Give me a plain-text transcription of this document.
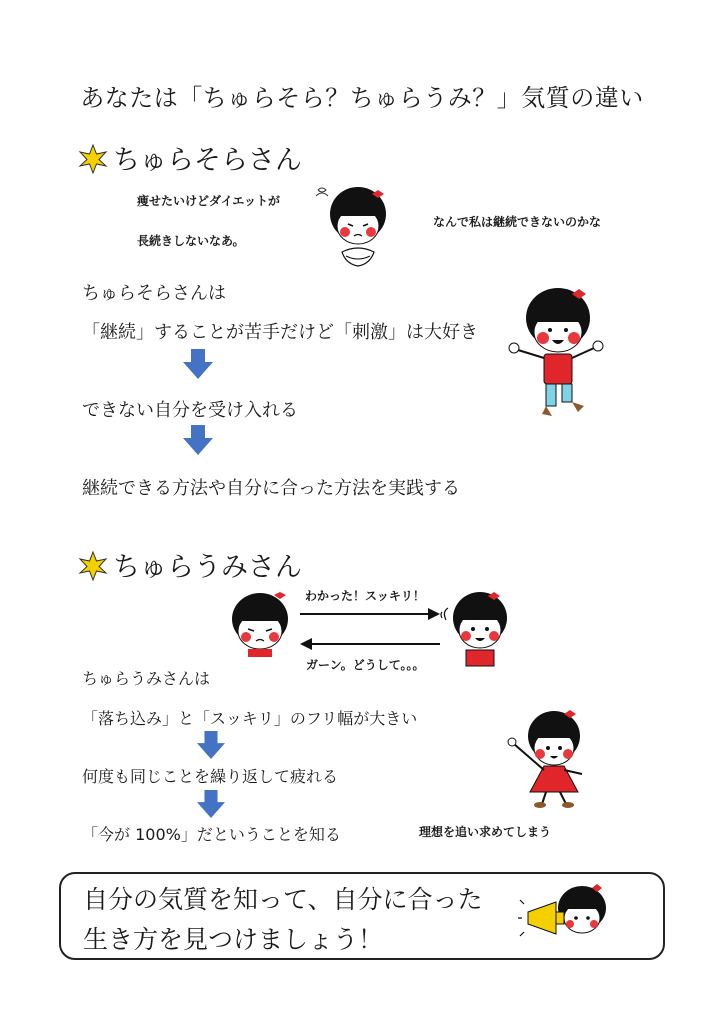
あなたは「ちゅらそら？ちゅらうみ？」気質の違い
ちゅらそらさん
痩せたいけどダイエットが
長続きしないなあ。
なんで私は継続できないのかな
ちゅらそらさんは
「継続」することが苦手だけど「刺激」は大好き
できない自分を受け入れる
継続できる方法や自分に合った方法を実践する
ちゅらうみさん
わかった！スッキリ！
ガーン。どうして。。。
ちゅらうみさんは
「落ち込み」と「スッキリ」のフリ幅が大きい
何度も同じことを繰り返して疲れる
「今が 100%」だということを知る	理想を追い求めてしまう
自分の気質を知って、自分に合った
生き方を見つけましょう！
